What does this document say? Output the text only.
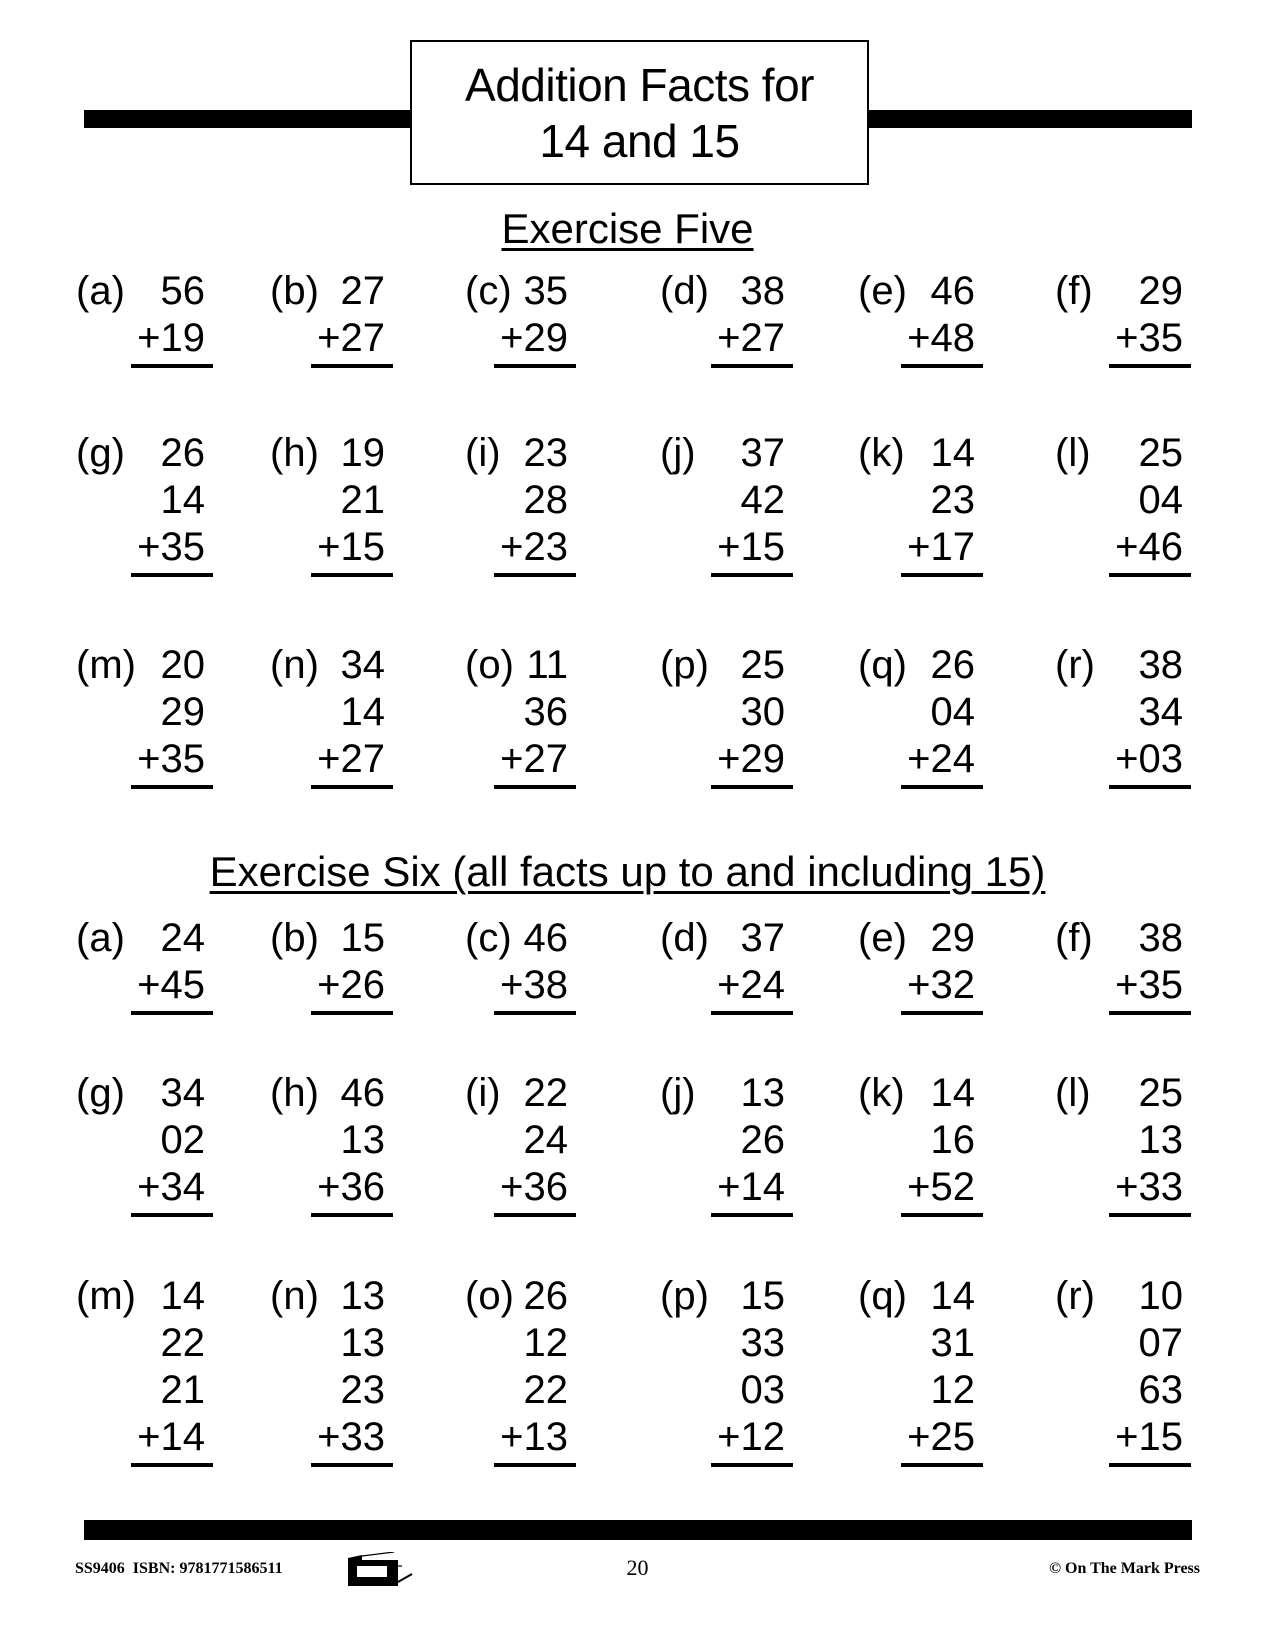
Addition Facts for
14 and 15
Exercise Five
(a) 56
+19
(b) 27
+27
(c) 35
+29
(d) 38
+27
(e) 46
+48
(f)	29
+35
(g) 26
14
+35
(h) 19
21
+15
(i) 23
28
+23
(j)	37
42
+15
(k) 14
23
+17
(l)	25
04
+46
(m) 20
29
+35
(n) 34
14
+27
(o) 11
36
+27
(p) 25
30
+29
(q) 26
04
+24
(r)	38
34
+03
Exercise Six (all facts up to and including 15)
(a) 24
+45
(b) 15
+26
(c) 46
+38
(d) 37
+24
(e) 29
+32
(f)	38
+35
(g) 34
02
+34
(h) 46
13
+36
(i) 22
24
+36
(j)	13
26
+14
(k) 14
16
+52
(l)	25
13
+33
(m) 14
22
21
+14
(n) 13
13
23
+33
(o) 26
12
22
+13
(p) 15
33
03
+12
(q) 14
31
12
+25
(r)	10
07
63
+15
SS9406  ISBN: 9781771586511	20	© On The Mark Press
